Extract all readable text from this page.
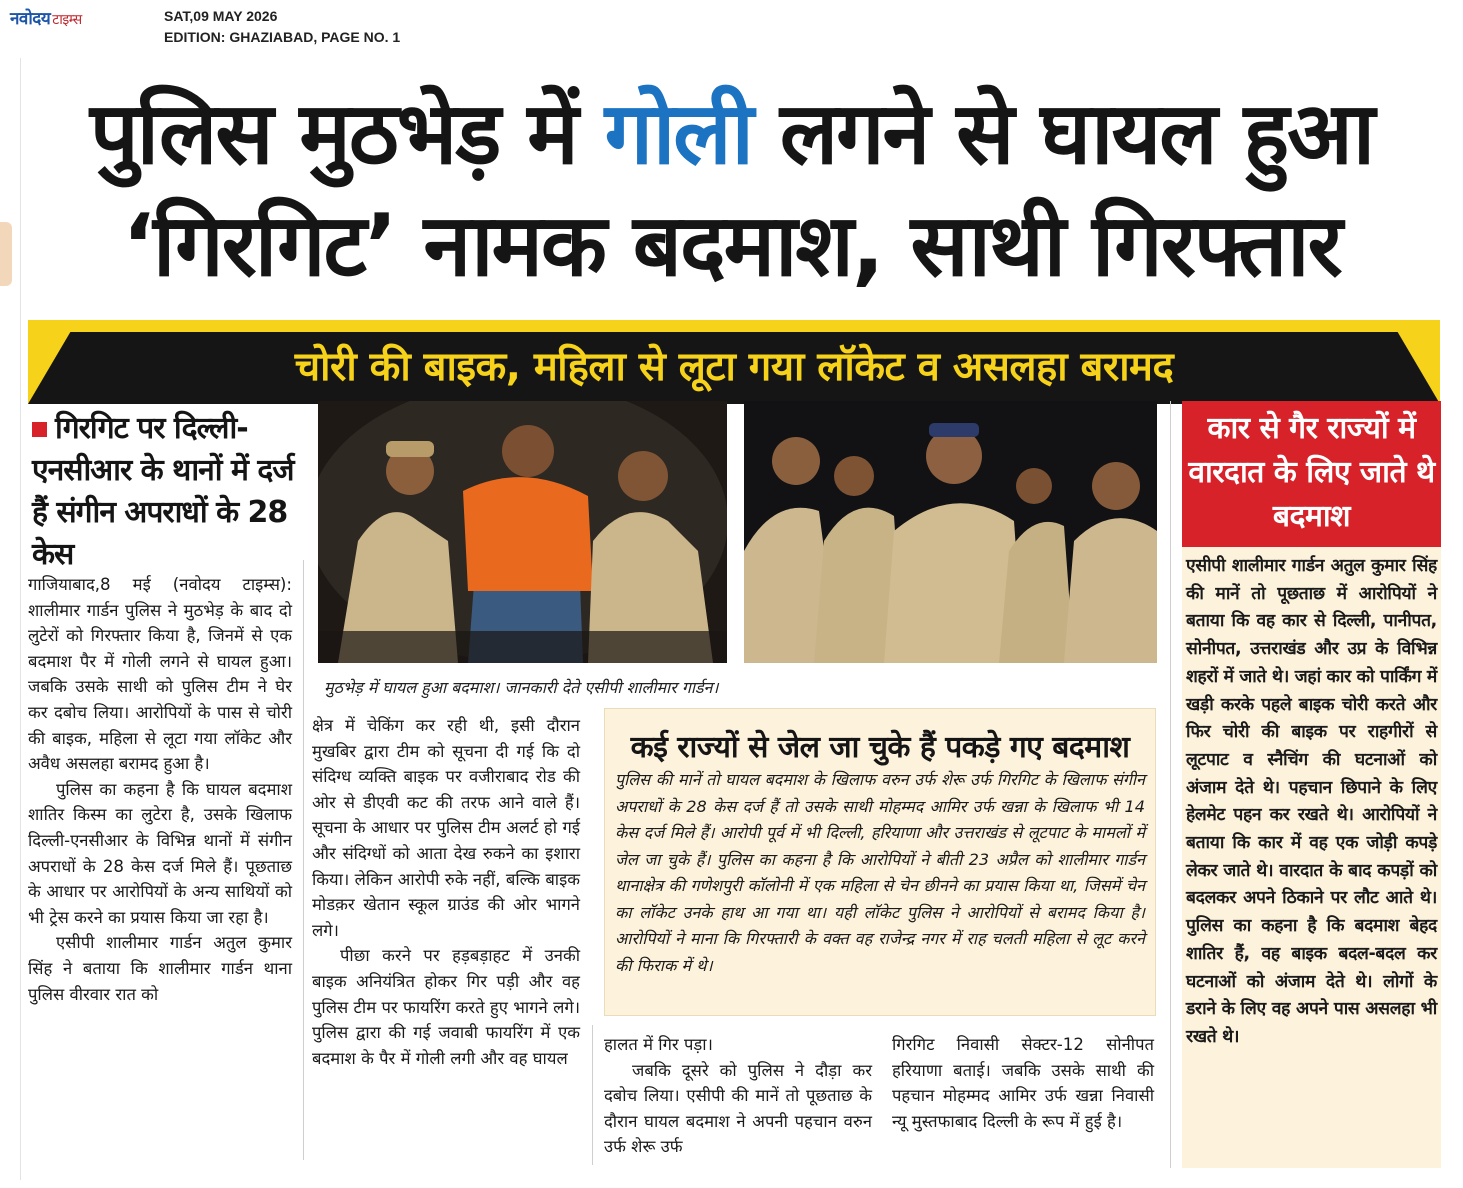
नवोदय टाइम्स	SAT,09 MAY 2026
EDITION: GHAZIABAD, PAGE NO. 1
पुलिस मुठभेड़ में गोली लगने से घायल हुआ
‘गिरगिट’ नामक बदमाश, साथी गिरफ्तार
चोरी की बाइक, महिला से लूटा गया लॉकेट व असलहा बरामद
गिरगिट पर दिल्ली-एनसीआर के थानों में दर्ज हैं संगीन अपराधों के 28 केस

गाजियाबाद,8 मई (नवोदय टाइम्स): शालीमार गार्डन पुलिस ने मुठभेड़ के बाद दो लुटेरों को गिरफ्तार किया है, जिनमें से एक बदमाश पैर में गोली लगने से घायल हुआ। जबकि उसके साथी को पुलिस टीम ने घेर कर दबोच लिया। आरोपियों के पास से चोरी की बाइक, महिला से लूटा गया लॉकेट और अवैध असलहा बरामद हुआ है।

पुलिस का कहना है कि घायल बदमाश शातिर किस्म का लुटेरा है, उसके खिलाफ दिल्ली-एनसीआर के विभिन्न थानों में संगीन अपराधों के 28 केस दर्ज मिले हैं। पूछताछ के आधार पर आरोपियों के अन्य साथियों को भी ट्रेस करने का प्रयास किया जा रहा है।

एसीपी शालीमार गार्डन अतुल कुमार सिंह ने बताया कि शालीमार गार्डन थाना पुलिस वीरवार रात को

मुठभेड़ में घायल हुआ बदमाश। जानकारी देते एसीपी शालीमार गार्डन।

क्षेत्र में चेकिंग कर रही थी, इसी दौरान मुखबिर द्वारा टीम को सूचना दी गई कि दो संदिग्ध व्यक्ति बाइक पर वजीराबाद रोड की ओर से डीएवी कट की तरफ आने वाले हैं। सूचना के आधार पर पुलिस टीम अलर्ट हो गई और संदिग्धों को आता देख रुकने का इशारा किया। लेकिन आरोपी रुके नहीं, बल्कि बाइक मोडक़र खेतान स्कूल ग्राउंड की ओर भागने लगे।

पीछा करने पर हड़बड़ाहट में उनकी बाइक अनियंत्रित होकर गिर पड़ी और वह पुलिस टीम पर फायरिंग करते हुए भागने लगे। पुलिस द्वारा की गई जवाबी फायरिंग में एक बदमाश के पैर में गोली लगी और वह घायल

कई राज्यों से जेल जा चुके हैं पकड़े गए बदमाश
पुलिस की मानें तो घायल बदमाश के खिलाफ वरुन उर्फ शेरू उर्फ गिरगिट के खिलाफ संगीन अपराधों के 28 केस दर्ज हैं तो उसके साथी मोहम्मद आमिर उर्फ खन्ना के खिलाफ भी 14 केस दर्ज मिले हैं। आरोपी पूर्व में भी दिल्ली, हरियाणा और उत्तराखंड से लूटपाट के मामलों में जेल जा चुके हैं। पुलिस का कहना है कि आरोपियों ने बीती 23 अप्रैल को शालीमार गार्डन थानाक्षेत्र की गणेशपुरी कॉलोनी में एक महिला से चेन छीनने का प्रयास किया था, जिसमें चेन का लॉकेट उनके हाथ आ गया था। यही लॉकेट पुलिस ने आरोपियों से बरामद किया है। आरोपियों ने माना कि गिरफ्तारी के वक्त वह राजेन्द्र नगर में राह चलती महिला से लूट करने की फिराक में थे।

हालत में गिर पड़ा।

जबकि दूसरे को पुलिस ने दौड़ा कर दबोच लिया। एसीपी की मानें तो पूछताछ के दौरान घायल बदमाश ने अपनी पहचान वरुन उर्फ शेरू उर्फ

गिरगिट निवासी सेक्टर-12 सोनीपत हरियाणा बताई। जबकि उसके साथी की पहचान मोहम्मद आमिर उर्फ खन्ना निवासी न्यू मुस्तफाबाद दिल्ली के रूप में हुई है।

कार से गैर राज्यों में वारदात के लिए जाते थे बदमाश
एसीपी शालीमार गार्डन अतुल कुमार सिंह की मानें तो पूछताछ में आरोपियों ने बताया कि वह कार से दिल्ली, पानीपत, सोनीपत, उत्तराखंड और उप्र के विभिन्न शहरों में जाते थे। जहां कार को पार्किंग में खड़ी करके पहले बाइक चोरी करते और फिर चोरी की बाइक पर राहगीरों से लूटपाट व स्नैचिंग की घटनाओं को अंजाम देते थे। पहचान छिपाने के लिए हेलमेट पहन कर रखते थे। आरोपियों ने बताया कि कार में वह एक जोड़ी कपड़े लेकर जाते थे। वारदात के बाद कपड़ों को बदलकर अपने ठिकाने पर लौट आते थे। पुलिस का कहना है कि बदमाश बेहद शातिर हैं, वह बाइक बदल-बदल कर घटनाओं को अंजाम देते थे। लोगों के डराने के लिए वह अपने पास असलहा भी रखते थे।
